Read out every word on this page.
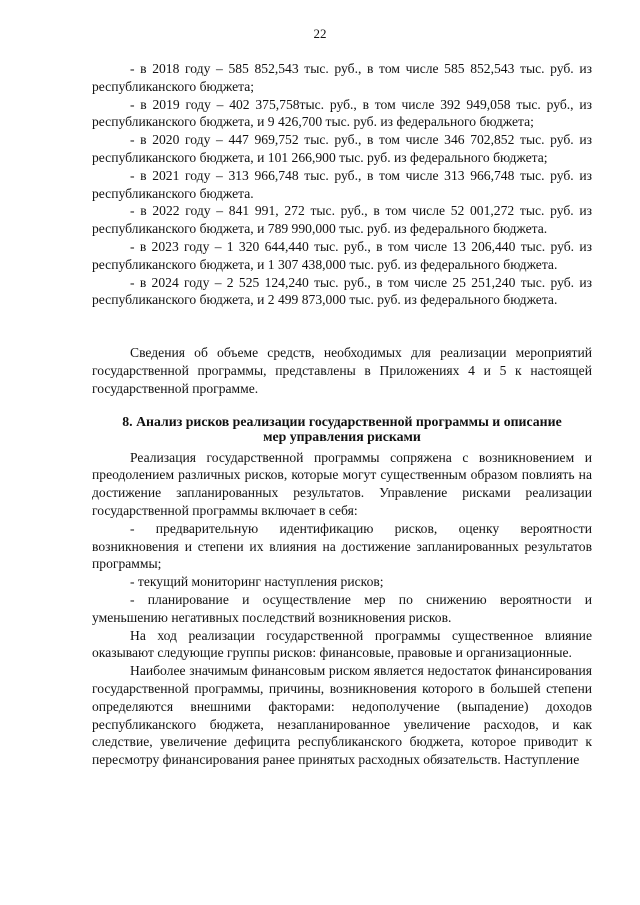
22

- в 2018 году – 585 852,543 тыс. руб., в том числе 585 852,543 тыс. руб. из республиканского бюджета;

- в 2019 году – 402 375,758тыс. руб., в том числе 392 949,058 тыс. руб., из республиканского бюджета, и 9 426,700 тыс. руб. из федерального бюджета;

- в 2020 году – 447 969,752 тыс. руб., в том числе 346 702,852 тыс. руб. из республиканского бюджета, и 101 266,900 тыс. руб. из федерального бюджета;

- в 2021 году – 313 966,748 тыс. руб., в том числе 313 966,748 тыс. руб. из республиканского бюджета.

- в 2022 году – 841 991, 272 тыс. руб., в том числе 52 001,272 тыс. руб. из республиканского бюджета, и 789 990,000 тыс. руб. из федерального бюджета.

- в 2023 году – 1 320 644,440 тыс. руб., в том числе 13 206,440 тыс. руб. из республиканского бюджета, и 1 307 438,000 тыс. руб. из федерального бюджета.

- в 2024 году – 2 525 124,240 тыс. руб., в том числе 25 251,240 тыс. руб. из республиканского бюджета, и 2 499 873,000 тыс. руб. из федерального бюджета.

Сведения об объеме средств, необходимых для реализации мероприятий государственной программы, представлены в Приложениях 4 и 5 к настоящей государственной программе.

8. Анализ рисков реализации государственной программы и описание
мер управления рисками

Реализация государственной программы сопряжена с возникновением и преодолением различных рисков, которые могут существенным образом повлиять на достижение запланированных результатов. Управление рисками реализации государственной программы включает в себя:

- предварительную идентификацию рисков, оценку вероятности возникновения и степени их влияния на достижение запланированных результатов программы;

- текущий мониторинг наступления рисков;

- планирование и осуществление мер по снижению вероятности и уменьшению негативных последствий возникновения рисков.

На ход реализации государственной программы существенное влияние оказывают следующие группы рисков: финансовые, правовые и организационные.

Наиболее значимым финансовым риском является недостаток финансирования государственной программы, причины, возникновения которого в большей степени определяются внешними факторами: недополучение (выпадение) доходов республиканского бюджета, незапланированное увеличение расходов, и как следствие, увеличение дефицита республиканского бюджета, которое приводит к пересмотру финансирования ранее принятых расходных обязательств. Наступление
